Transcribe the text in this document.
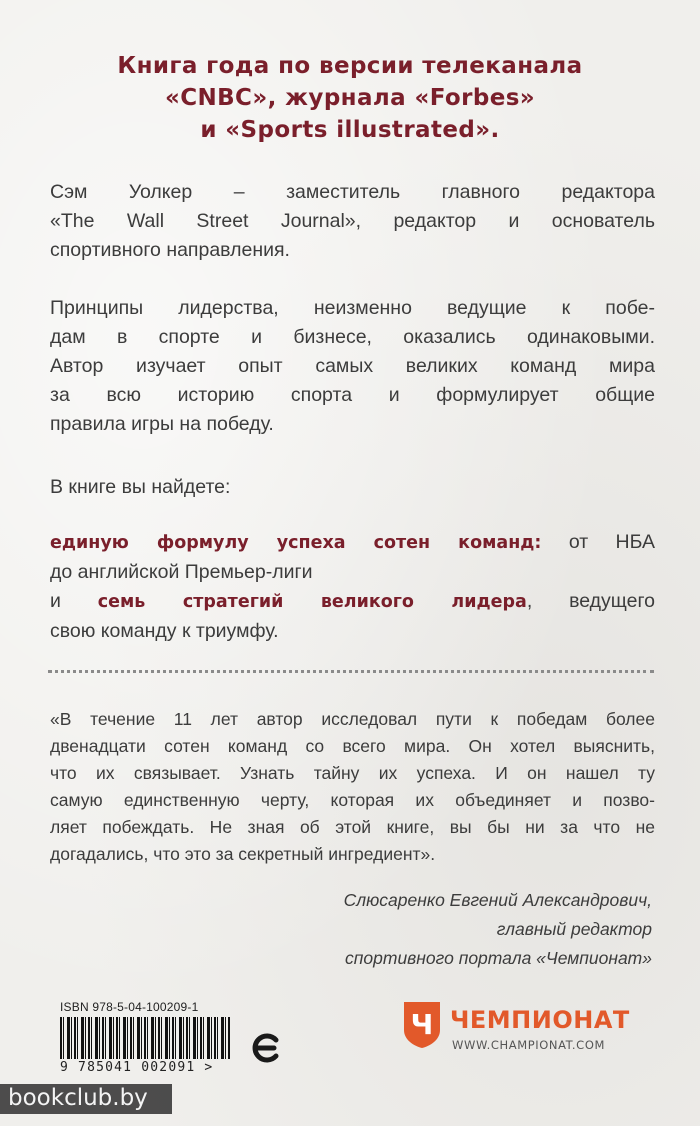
Книга года по версии телеканала
«CNBC», журнала «Forbes»
и «Sports illustrated».
Сэм Уолкер – заместитель главного редактора
«The Wall Street Journal», редактор и основатель
спортивного направления.
Принципы лидерства, неизменно ведущие к побе-
дам в спорте и бизнесе, оказались одинаковыми.
Автор изучает опыт самых великих команд мира
за всю историю спорта и формулирует общие
правила игры на победу.
В книге вы найдете:
единую формулу успеха сотен команд: от НБА
до английской Премьер-лиги
и семь стратегий великого лидера, ведущего
свою команду к триумфу.
«В течение 11 лет автор исследовал пути к победам более
двенадцати сотен команд со всего мира. Он хотел выяснить,
что их связывает. Узнать тайну их успеха. И он нашел ту
самую единственную черту, которая их объединяет и позво-
ляет побеждать. Не зная об этой книге, вы бы ни за что не
догадались, что это за секретный ингредиент».
Слюсаренко Евгений Александрович,
главный редактор
спортивного портала «Чемпионат»
ISBN 978-5-04-100209-1
9 785041 002091 >
Ч ЧЕМПИОНАТ
WWW.CHAMPIONAT.COM
bookclub.by
